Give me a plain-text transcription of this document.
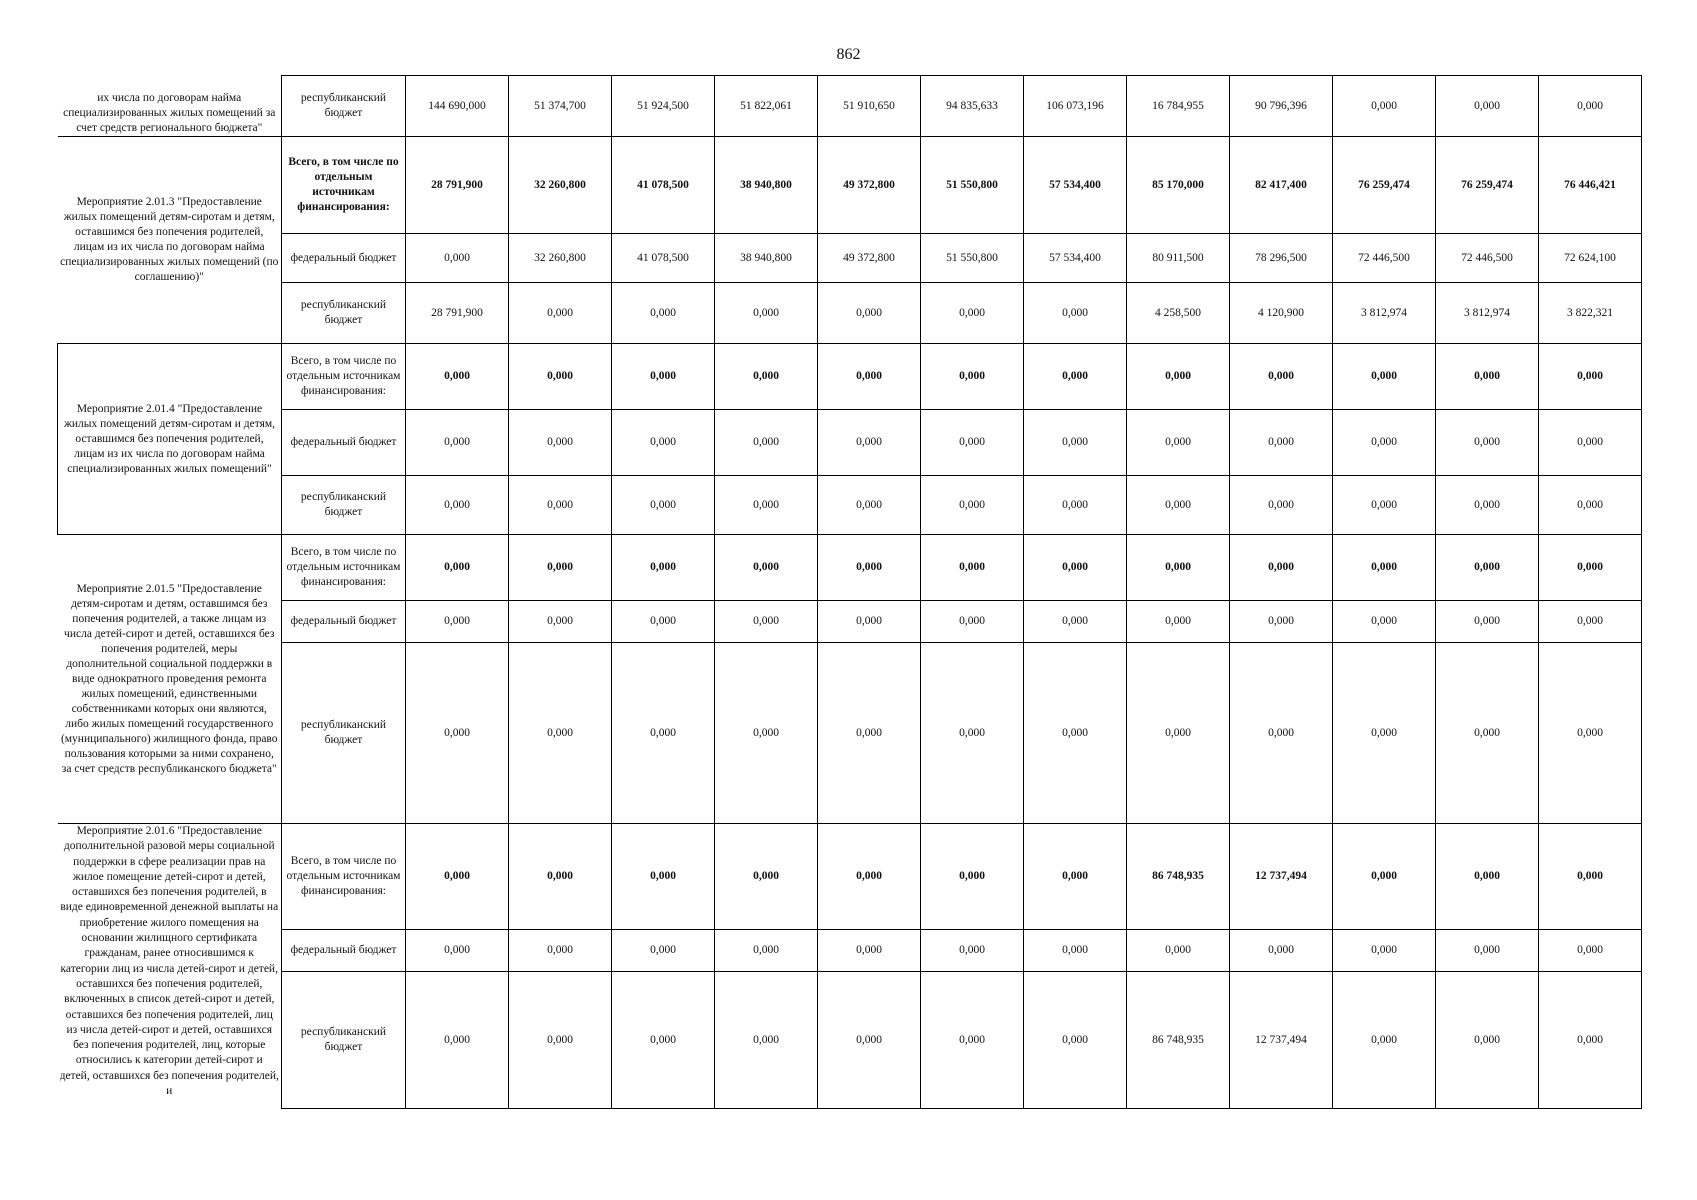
862
их числа по договорам найма специализированных жилых помещений за счет средств регионального бюджета"	республиканский бюджет	144 690,000	51 374,700	51 924,500	51 822,061	51 910,650	94 835,633	106 073,196	16 784,955	90 796,396	0,000	0,000	0,000

Мероприятие 2.01.3 "Предоставление жилых помещений детям-сиротам и детям, оставшимся без попечения родителей, лицам из их числа по договорам найма специализированных жилых помещений (по соглашению)"	Всего, в том числе по отдельным источникам финансирования:	28 791,900	32 260,800	41 078,500	38 940,800	49 372,800	51 550,800	57 534,400	85 170,000	82 417,400	76 259,474	76 259,474	76 446,421
	федеральный бюджет	0,000	32 260,800	41 078,500	38 940,800	49 372,800	51 550,800	57 534,400	80 911,500	78 296,500	72 446,500	72 446,500	72 624,100
	республиканский бюджет	28 791,900	0,000	0,000	0,000	0,000	0,000	0,000	4 258,500	4 120,900	3 812,974	3 812,974	3 822,321

Мероприятие 2.01.4 "Предоставление жилых помещений детям-сиротам и детям, оставшимся без попечения родителей, лицам из их числа по договорам найма специализированных жилых помещений"	Всего, в том числе по отдельным источникам финансирования:	0,000	0,000	0,000	0,000	0,000	0,000	0,000	0,000	0,000	0,000	0,000	0,000
	федеральный бюджет	0,000	0,000	0,000	0,000	0,000	0,000	0,000	0,000	0,000	0,000	0,000	0,000
	республиканский бюджет	0,000	0,000	0,000	0,000	0,000	0,000	0,000	0,000	0,000	0,000	0,000	0,000

Мероприятие 2.01.5 "Предоставление детям-сиротам и детям, оставшимся без попечения родителей, а также лицам из числа детей-сирот и детей, оставшихся без попечения родителей, меры дополнительной социальной поддержки в виде однократного проведения ремонта жилых помещений, единственными собственниками которых они являются, либо жилых помещений государственного (муниципального) жилищного фонда, право пользования которыми за ними сохранено, за счет средств республиканского бюджета"	Всего, в том числе по отдельным источникам финансирования:	0,000	0,000	0,000	0,000	0,000	0,000	0,000	0,000	0,000	0,000	0,000	0,000
	федеральный бюджет	0,000	0,000	0,000	0,000	0,000	0,000	0,000	0,000	0,000	0,000	0,000	0,000
	республиканский бюджет	0,000	0,000	0,000	0,000	0,000	0,000	0,000	0,000	0,000	0,000	0,000	0,000

Мероприятие 2.01.6 "Предоставление дополнительной разовой меры социальной поддержки в сфере реализации прав на жилое помещение детей-сирот и детей, оставшихся без попечения родителей, в виде единовременной денежной выплаты на приобретение жилого помещения на основании жилищного сертификата гражданам, ранее относившимся к категории лиц из числа детей-сирот и детей, оставшихся без попечения родителей, включенных в список детей-сирот и детей, оставшихся без попечения родителей, лиц из числа детей-сирот и детей, оставшихся без попечения родителей, лиц, которые относились к категории детей-сирот и детей, оставшихся без попечения родителей, и	Всего, в том числе по отдельным источникам финансирования:	0,000	0,000	0,000	0,000	0,000	0,000	0,000	86 748,935	12 737,494	0,000	0,000	0,000
	федеральный бюджет	0,000	0,000	0,000	0,000	0,000	0,000	0,000	0,000	0,000	0,000	0,000	0,000
	республиканский бюджет	0,000	0,000	0,000	0,000	0,000	0,000	0,000	86 748,935	12 737,494	0,000	0,000	0,000
